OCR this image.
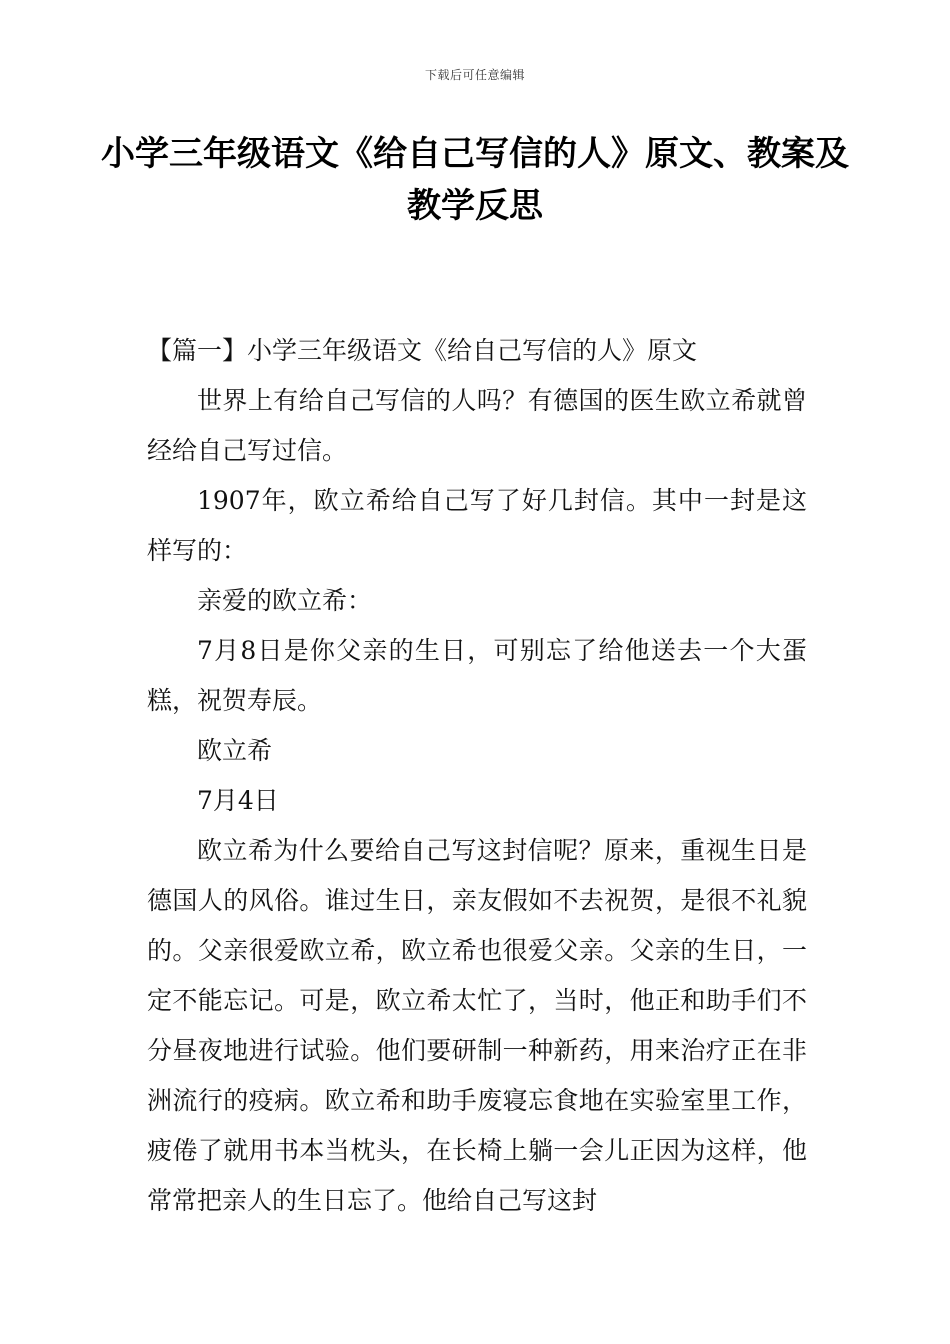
下载后可任意编辑
小学三年级语文《给自己写信的人》原文、教案及教学反思

【篇一】小学三年级语文《给自己写信的人》原文

世界上有给自己写信的人吗？有德国的医生欧立希就曾经给自己写过信。

1907年，欧立希给自己写了好几封信。其中一封是这样写的：

亲爱的欧立希：

7月8日是你父亲的生日，可别忘了给他送去一个大蛋糕，祝贺寿辰。

欧立希

7月4日

欧立希为什么要给自己写这封信呢？原来，重视生日是德国人的风俗。谁过生日，亲友假如不去祝贺，是很不礼貌的。父亲很爱欧立希，欧立希也很爱父亲。父亲的生日，一定不能忘记。可是，欧立希太忙了，当时，他正和助手们不分昼夜地进行试验。他们要研制一种新药，用来治疗正在非洲流行的疫病。欧立希和助手废寝忘食地在实验室里工作，疲倦了就用书本当枕头，在长椅上躺一会儿正因为这样，他常常把亲人的生日忘了。他给自己写这封
